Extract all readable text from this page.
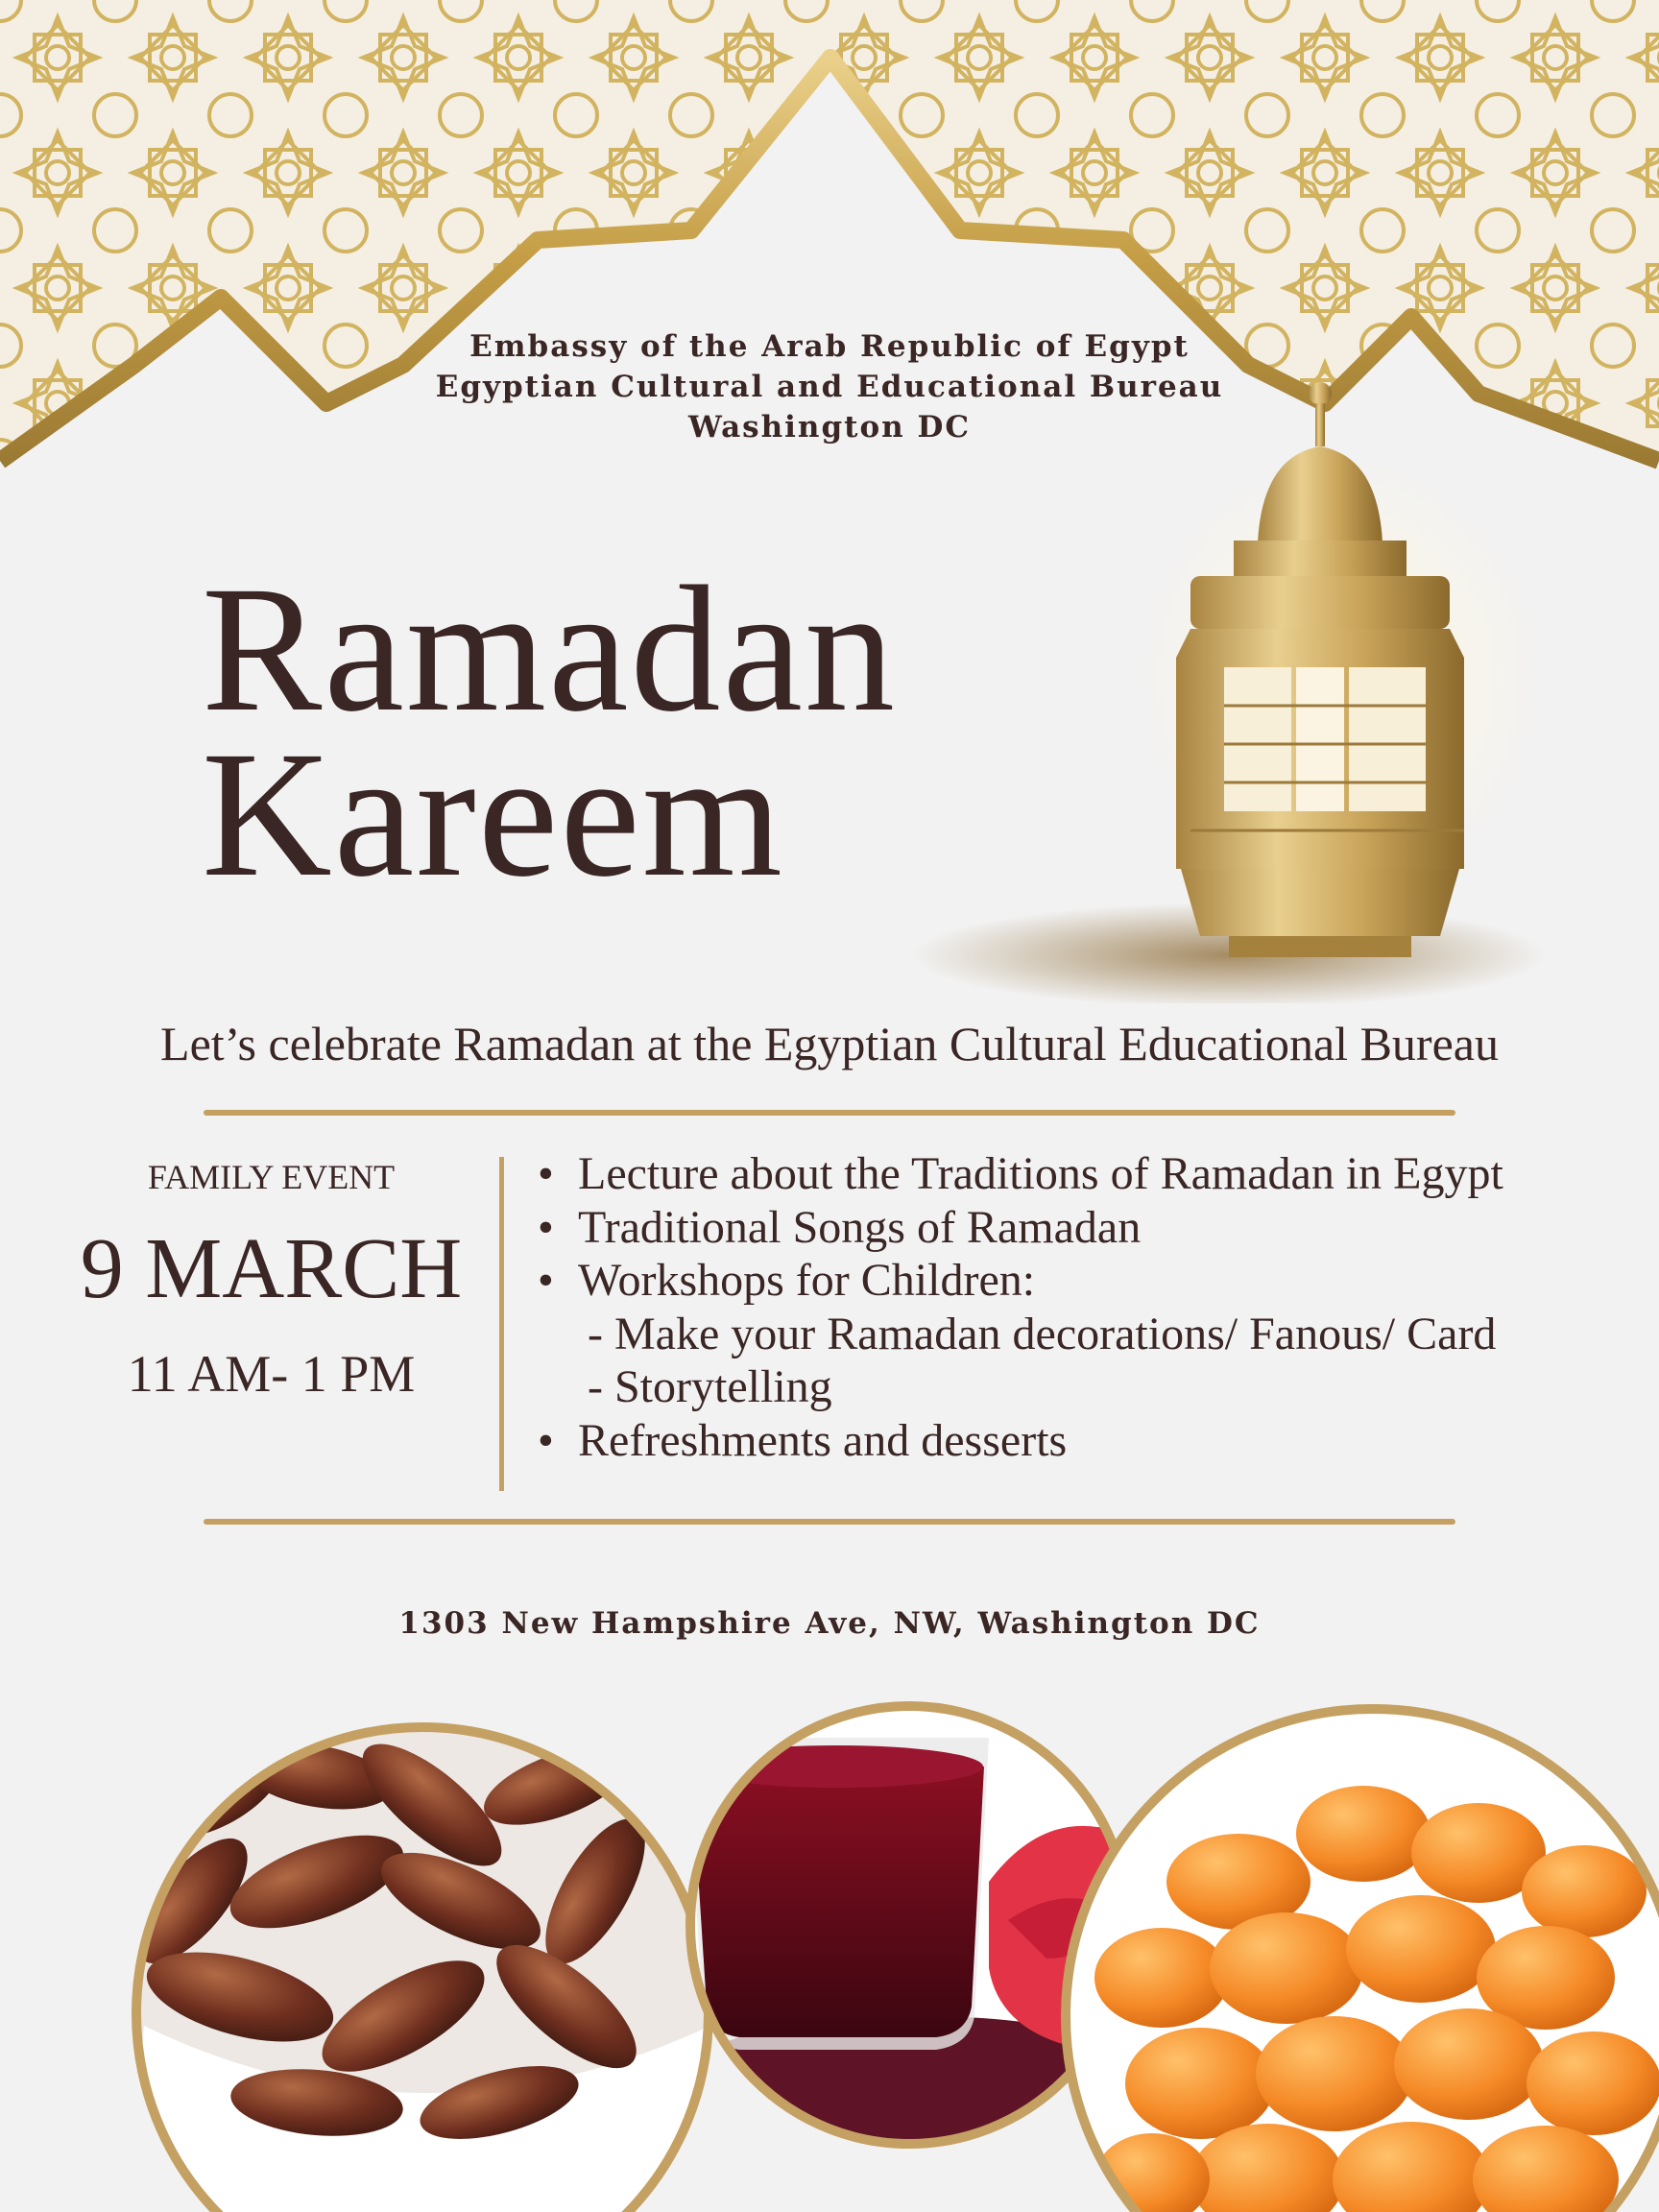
Embassy of the Arab Republic of Egypt
Egyptian Cultural and Educational Bureau
Washington DC
Ramadan
Kareem
Let’s celebrate Ramadan at the Egyptian Cultural Educational Bureau
FAMILY EVENT
9 MARCH
11 AM- 1 PM
• Lecture about the Traditions of Ramadan in Egypt
• Traditional Songs of Ramadan
• Workshops for Children:
- Make your Ramadan decorations/ Fanous/ Card
- Storytelling
• Refreshments and desserts
1303 New Hampshire Ave, NW, Washington DC
